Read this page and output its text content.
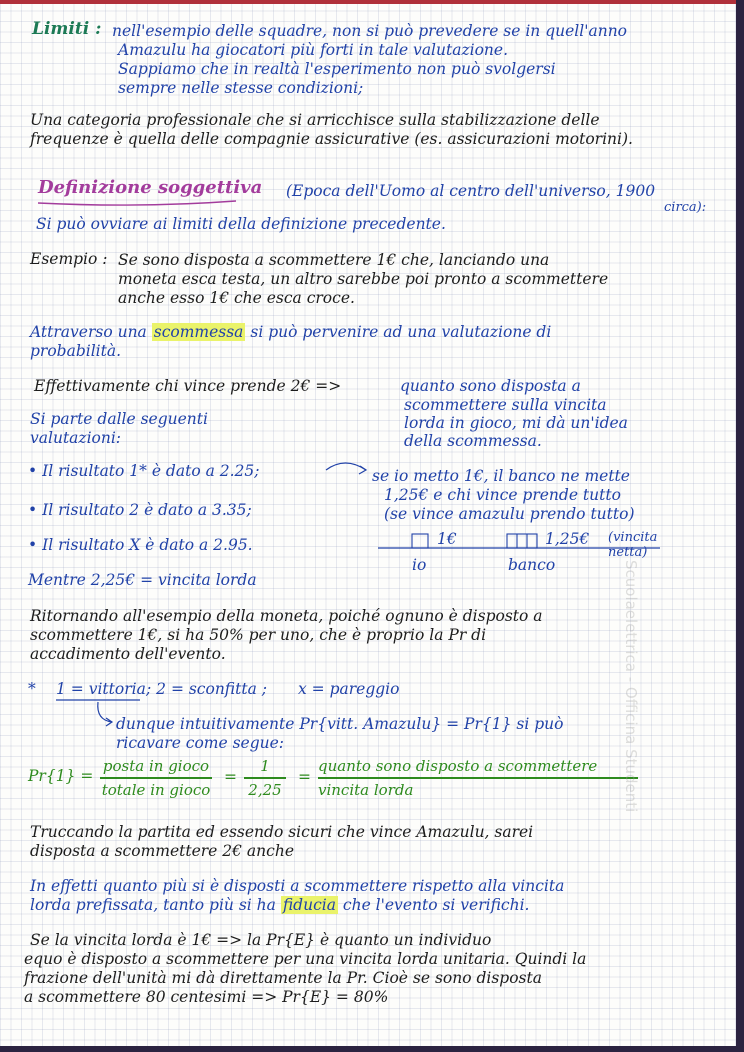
Limiti : nell'esempio delle squadre, non si può prevedere se in quell'anno

Amazulu ha giocatori più forti in tale valutazione.

Sappiamo che in realtà l'esperimento non può svolgersi

sempre nelle stesse condizioni;

Una categoria professionale che si arricchisce sulla stabilizzazione delle

frequenze è quella delle compagnie assicurative (es. assicurazioni motorini).

Definizione soggettiva (Epoca dell'Uomo al centro dell'universo, 1900

circa):

Si può ovviare ai limiti della definizione precedente.

Esempio : Se sono disposta a scommettere 1€ che, lanciando una

moneta esca testa, un altro sarebbe poi pronto a scommettere

anche esso 1€ che esca croce.

Attraverso una scommessa si può pervenire ad una valutazione di

probabilità.

Effettivamente chi vince prende 2€ =>	quanto sono disposta a

scommettere sulla vincita

lorda in gioco, mi dà un'idea

della scommessa.

Si parte dalle seguenti

valutazioni:

• Il risultato 1* è dato a 2.25;

• Il risultato 2 è dato a 3.35;

• Il risultato X è dato a 2.95.

se io metto 1€, il banco ne mette

1,25€ e chi vince prende tutto

(se vince amazulu prendo tutto)

1€	1,25€ (vincita netta)

io	banco

Mentre 2,25€ = vincita lorda

Ritornando all'esempio della moneta, poiché ognuno è disposto a

scommettere 1€, si ha 50% per uno, che è proprio la Pr di

accadimento dell'evento.

* 1 = vittoria ; 2 = sconfitta ; x = pareggio

dunque intuitivamente Pr{vitt. Amazulu} = Pr{1} si può

ricavare come segue:

Pr{1} =

posta in gioco
totale in gioco

=

1
2,25

=

quanto sono disposto a scommettere
vincita lorda

Truccando la partita ed essendo sicuri che vince Amazulu, sarei

disposta a scommettere 2€ anche

In effetti quanto più si è disposti a scommettere rispetto alla vincita

lorda prefissata, tanto più si ha fiducia che l'evento si verifichi.

Se la vincita lorda è 1€ => la Pr{E} è quanto un individuo

equo è disposto a scommettere per una vincita lorda unitaria. Quindi la

frazione dell'unità mi dà direttamente la Pr. Cioè se sono disposta

a scommettere 80 centesimi => Pr{E} = 80%

Scuolaelettrica - Officina Studenti
